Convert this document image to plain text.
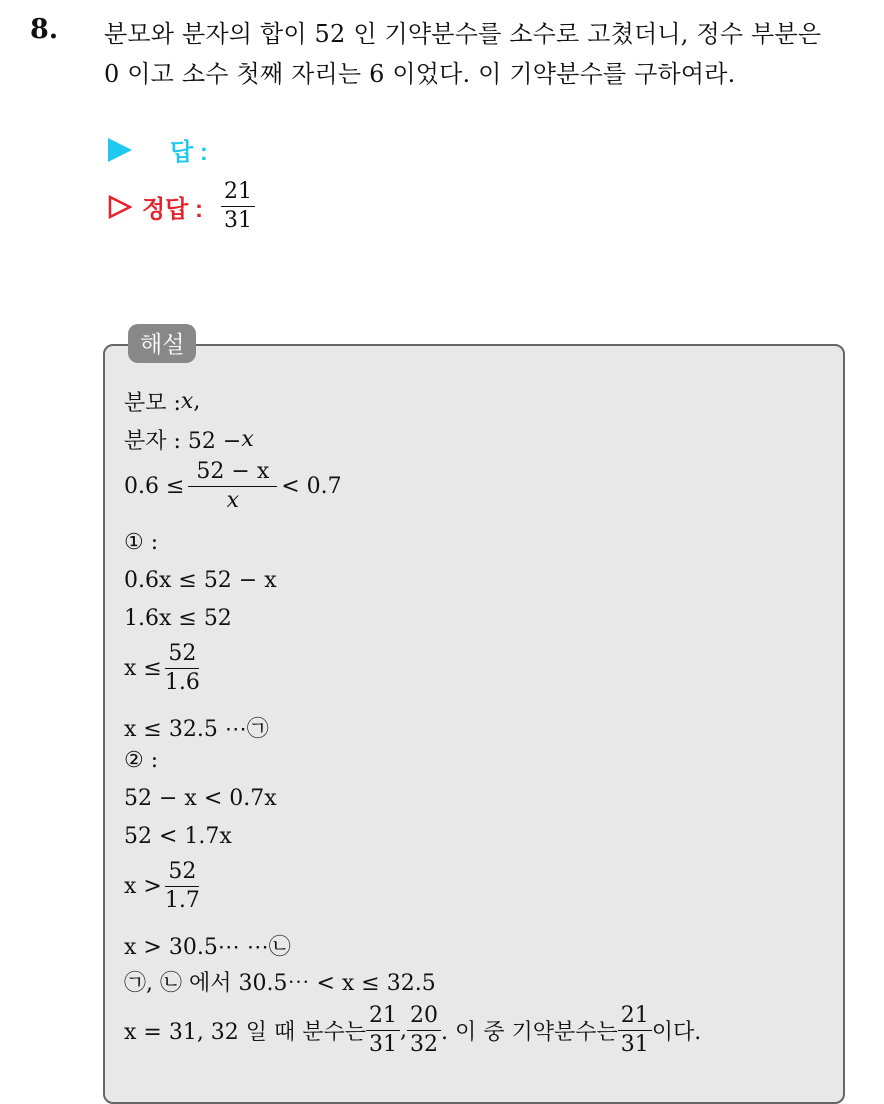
8. 분모와 분자의 합이 52 인 기약분수를 소수로 고쳤더니, 정수 부분은
0 이고 소수 첫째 자리는 6 이었다. 이 기약분수를 구하여라.
답 :
정답 : $\frac{21}{31}$
해설
분모 : x ,
분자 : 52 − x
$0.6 \le \frac{52 - x}{x} < 0.7$
① :
0.6x ≤ 52 − x
1.6x ≤ 52
$x \le \frac{52}{1.6}$
x ≤ 32.5 ⋯㉠
② :
52 − x < 0.7x
52 < 1.7x
$x > \frac{52}{1.7}$
x > 30.5⋯ ⋯㉡
㉠, ㉡ 에서 30.5⋯ < x ≤ 32.5
x = 31, 32 일 때 분수는 $\frac{21}{31}$ , $\frac{20}{32}$ . 이 중 기약분수는 $\frac{21}{31}$ 이다.
